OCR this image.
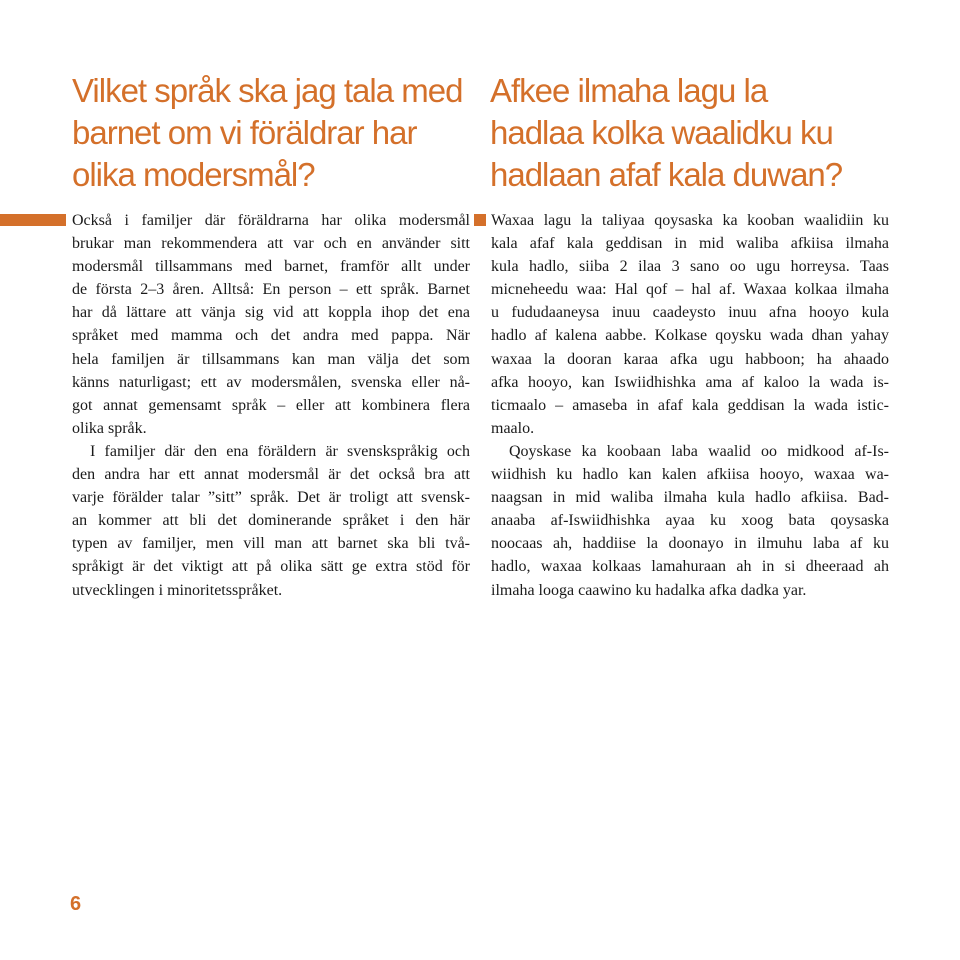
Vilket språk ska jag tala med
barnet om vi föräldrar har
olika modersmål?
Afkee ilmaha lagu la
hadlaa kolka waalidku ku
hadlaan afaf kala duwan?

Också i familjer där föräldrarna har olika modersmål
brukar man rekommendera att var och en använder sitt
modersmål tillsammans med barnet, framför allt under
de första 2–3 åren. Alltså: En person – ett språk. Barnet
har då lättare att vänja sig vid att koppla ihop det ena
språket med mamma och det andra med pappa. När
hela familjen är tillsammans kan man välja det som
känns naturligast; ett av modersmålen, svenska eller nå-
got annat gemensamt språk – eller att kombinera flera
olika språk.

I familjer där den ena föräldern är svenskspråkig och
den andra har ett annat modersmål är det också bra att
varje förälder talar ”sitt” språk. Det är troligt att svensk-
an kommer att bli det dominerande språket i den här
typen av familjer, men vill man att barnet ska bli två-
språkigt är det viktigt att på olika sätt ge extra stöd för
utvecklingen i minoritetsspråket.

Waxaa lagu la taliyaa qoysaska ka kooban waalidiin ku
kala afaf kala geddisan in mid waliba afkiisa ilmaha
kula hadlo, siiba 2 ilaa 3 sano oo ugu horreysa. Taas
micneheedu waa: Hal qof – hal af. Waxaa kolkaa ilmaha
u fududaaneysa inuu caadeysto inuu afna hooyo kula
hadlo af kalena aabbe. Kolkase qoysku wada dhan yahay
waxaa la dooran karaa afka ugu habboon; ha ahaado
afka hooyo, kan Iswiidhishka ama af kaloo la wada is-
ticmaalo – amaseba in afaf kala geddisan la wada istic-
maalo.

Qoyskase ka koobaan laba waalid oo midkood af-Is-
wiidhish ku hadlo kan kalen afkiisa hooyo, waxaa wa-
naagsan in mid waliba ilmaha kula hadlo afkiisa. Bad-
anaaba af-Iswiidhishka ayaa ku xoog bata qoysaska
noocaas ah, haddiise la doonayo in ilmuhu laba af ku
hadlo, waxaa kolkaas lamahuraan ah in si dheeraad ah
ilmaha looga caawino ku hadalka afka dadka yar.

6
